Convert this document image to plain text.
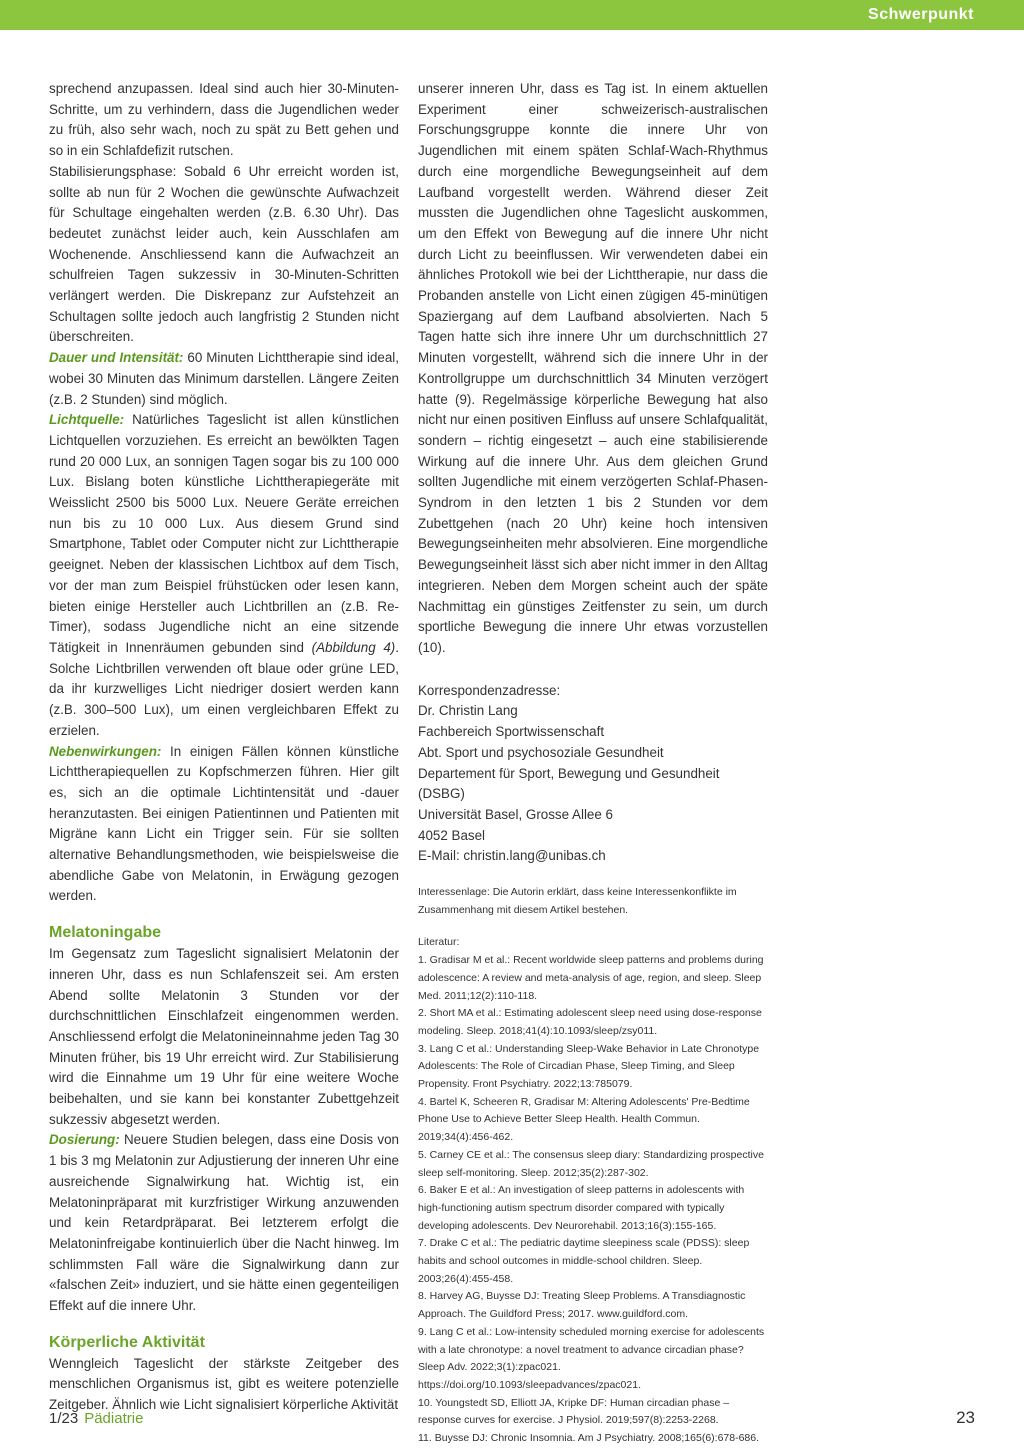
Schwerpunkt

sprechend anzupassen. Ideal sind auch hier 30-Minuten-Schritte, um zu verhindern, dass die Jugendlichen weder zu früh, also sehr wach, noch zu spät zu Bett gehen und so in ein Schlafdefizit rutschen.

Stabilisierungsphase: Sobald 6 Uhr erreicht worden ist, sollte ab nun für 2 Wochen die gewünschte Aufwachzeit für Schultage eingehalten werden (z.B. 6.30 Uhr). Das bedeutet zunächst leider auch, kein Ausschlafen am Wochenende. Anschliessend kann die Aufwachzeit an schulfreien Tagen sukzessiv in 30-Minuten-Schritten verlängert werden. Die Diskrepanz zur Aufstehzeit an Schultagen sollte jedoch auch langfristig 2 Stunden nicht überschreiten.

Dauer und Intensität: 60 Minuten Lichttherapie sind ideal, wobei 30 Minuten das Minimum darstellen. Längere Zeiten (z.B. 2 Stunden) sind möglich.

Lichtquelle: Natürliches Tageslicht ist allen künstlichen Lichtquellen vorzuziehen. Es erreicht an bewölkten Tagen rund 20 000 Lux, an sonnigen Tagen sogar bis zu 100 000 Lux. Bislang boten künstliche Lichttherapiegeräte mit Weisslicht 2500 bis 5000 Lux. Neuere Geräte erreichen nun bis zu 10 000 Lux. Aus diesem Grund sind Smartphone, Tablet oder Computer nicht zur Lichttherapie geeignet. Neben der klassischen Lichtbox auf dem Tisch, vor der man zum Beispiel frühstücken oder lesen kann, bieten einige Hersteller auch Lichtbrillen an (z.B. Re-Timer), sodass Jugendliche nicht an eine sitzende Tätigkeit in Innenräumen gebunden sind (Abbildung 4). Solche Lichtbrillen verwenden oft blaue oder grüne LED, da ihr kurzwelliges Licht niedriger dosiert werden kann (z.B. 300–500 Lux), um einen vergleichbaren Effekt zu erzielen.

Nebenwirkungen: In einigen Fällen können künstliche Lichttherapiequellen zu Kopfschmerzen führen. Hier gilt es, sich an die optimale Lichtintensität und -dauer heranzutasten. Bei einigen Patientinnen und Patienten mit Migräne kann Licht ein Trigger sein. Für sie sollten alternative Behandlungsmethoden, wie beispielsweise die abendliche Gabe von Melatonin, in Erwägung gezogen werden.

Melatoningabe

Im Gegensatz zum Tageslicht signalisiert Melatonin der inneren Uhr, dass es nun Schlafenszeit sei. Am ersten Abend sollte Melatonin 3 Stunden vor der durchschnittlichen Einschlafzeit eingenommen werden. Anschliessend erfolgt die Melatonineinnahme jeden Tag 30 Minuten früher, bis 19 Uhr erreicht wird. Zur Stabilisierung wird die Einnahme um 19 Uhr für eine weitere Woche beibehalten, und sie kann bei konstanter Zubettgehzeit sukzessiv abgesetzt werden.

Dosierung: Neuere Studien belegen, dass eine Dosis von 1 bis 3 mg Melatonin zur Adjustierung der inneren Uhr eine ausreichende Signalwirkung hat. Wichtig ist, ein Melatoninpräparat mit kurzfristiger Wirkung anzuwenden und kein Retardpräparat. Bei letzterem erfolgt die Melatoninfreigabe kontinuierlich über die Nacht hinweg. Im schlimmsten Fall wäre die Signalwirkung dann zur «falschen Zeit» induziert, und sie hätte einen gegenteiligen Effekt auf die innere Uhr.

Körperliche Aktivität

Wenngleich Tageslicht der stärkste Zeitgeber des menschlichen Organismus ist, gibt es weitere potenzielle Zeitgeber. Ähnlich wie Licht signalisiert körperliche Aktivität

unserer inneren Uhr, dass es Tag ist. In einem aktuellen Experiment einer schweizerisch-australischen Forschungsgruppe konnte die innere Uhr von Jugendlichen mit einem späten Schlaf-Wach-Rhythmus durch eine morgendliche Bewegungseinheit auf dem Laufband vorgestellt werden. Während dieser Zeit mussten die Jugendlichen ohne Tageslicht auskommen, um den Effekt von Bewegung auf die innere Uhr nicht durch Licht zu beeinflussen. Wir verwendeten dabei ein ähnliches Protokoll wie bei der Lichttherapie, nur dass die Probanden anstelle von Licht einen zügigen 45-minütigen Spaziergang auf dem Laufband absolvierten. Nach 5 Tagen hatte sich ihre innere Uhr um durchschnittlich 27 Minuten vorgestellt, während sich die innere Uhr in der Kontrollgruppe um durchschnittlich 34 Minuten verzögert hatte (9). Regelmässige körperliche Bewegung hat also nicht nur einen positiven Einfluss auf unsere Schlafqualität, sondern – richtig eingesetzt – auch eine stabilisierende Wirkung auf die innere Uhr. Aus dem gleichen Grund sollten Jugendliche mit einem verzögerten Schlaf-Phasen-Syndrom in den letzten 1 bis 2 Stunden vor dem Zubettgehen (nach 20 Uhr) keine hoch intensiven Bewegungseinheiten mehr absolvieren. Eine morgendliche Bewegungseinheit lässt sich aber nicht immer in den Alltag integrieren. Neben dem Morgen scheint auch der späte Nachmittag ein günstiges Zeitfenster zu sein, um durch sportliche Bewegung die innere Uhr etwas vorzustellen (10).

Korrespondenzadresse:
Dr. Christin Lang
Fachbereich Sportwissenschaft
Abt. Sport und psychosoziale Gesundheit
Departement für Sport, Bewegung und Gesundheit (DSBG)
Universität Basel, Grosse Allee 6
4052 Basel
E-Mail: christin.lang@unibas.ch
Interessenlage: Die Autorin erklärt, dass keine Interessenkonflikte im Zusammenhang mit diesem Artikel bestehen.
Literatur:
1. Gradisar M et al.: Recent worldwide sleep patterns and problems during adolescence: A review and meta-analysis of age, region, and sleep. Sleep Med. 2011;12(2):110-118.
2. Short MA et al.: Estimating adolescent sleep need using dose-response modeling. Sleep. 2018;41(4):10.1093/sleep/zsy011.
3. Lang C et al.: Understanding Sleep-Wake Behavior in Late Chronotype Adolescents: The Role of Circadian Phase, Sleep Timing, and Sleep Propensity. Front Psychiatry. 2022;13:785079.
4. Bartel K, Scheeren R, Gradisar M: Altering Adolescents' Pre-Bedtime Phone Use to Achieve Better Sleep Health. Health Commun. 2019;34(4):456-462.
5. Carney CE et al.: The consensus sleep diary: Standardizing prospective sleep self-monitoring. Sleep. 2012;35(2):287-302.
6. Baker E et al.: An investigation of sleep patterns in adolescents with high-functioning autism spectrum disorder compared with typically developing adolescents. Dev Neurorehabil. 2013;16(3):155-165.
7. Drake C et al.: The pediatric daytime sleepiness scale (PDSS): sleep habits and school outcomes in middle-school children. Sleep. 2003;26(4):455-458.
8. Harvey AG, Buysse DJ: Treating Sleep Problems. A Transdiagnostic Approach. The Guildford Press; 2017. www.guildford.com.
9. Lang C et al.: Low-intensity scheduled morning exercise for adolescents with a late chronotype: a novel treatment to advance circadian phase? Sleep Adv. 2022;3(1):zpac021. https://doi.org/10.1093/sleepadvances/zpac021.
10. Youngstedt SD, Elliott JA, Kripke DF: Human circadian phase – response curves for exercise. J Physiol. 2019;597(8):2253-2268.
11. Buysse DJ: Chronic Insomnia. Am J Psychiatry. 2008;165(6):678-686.
1/23 Pädiatrie	23
